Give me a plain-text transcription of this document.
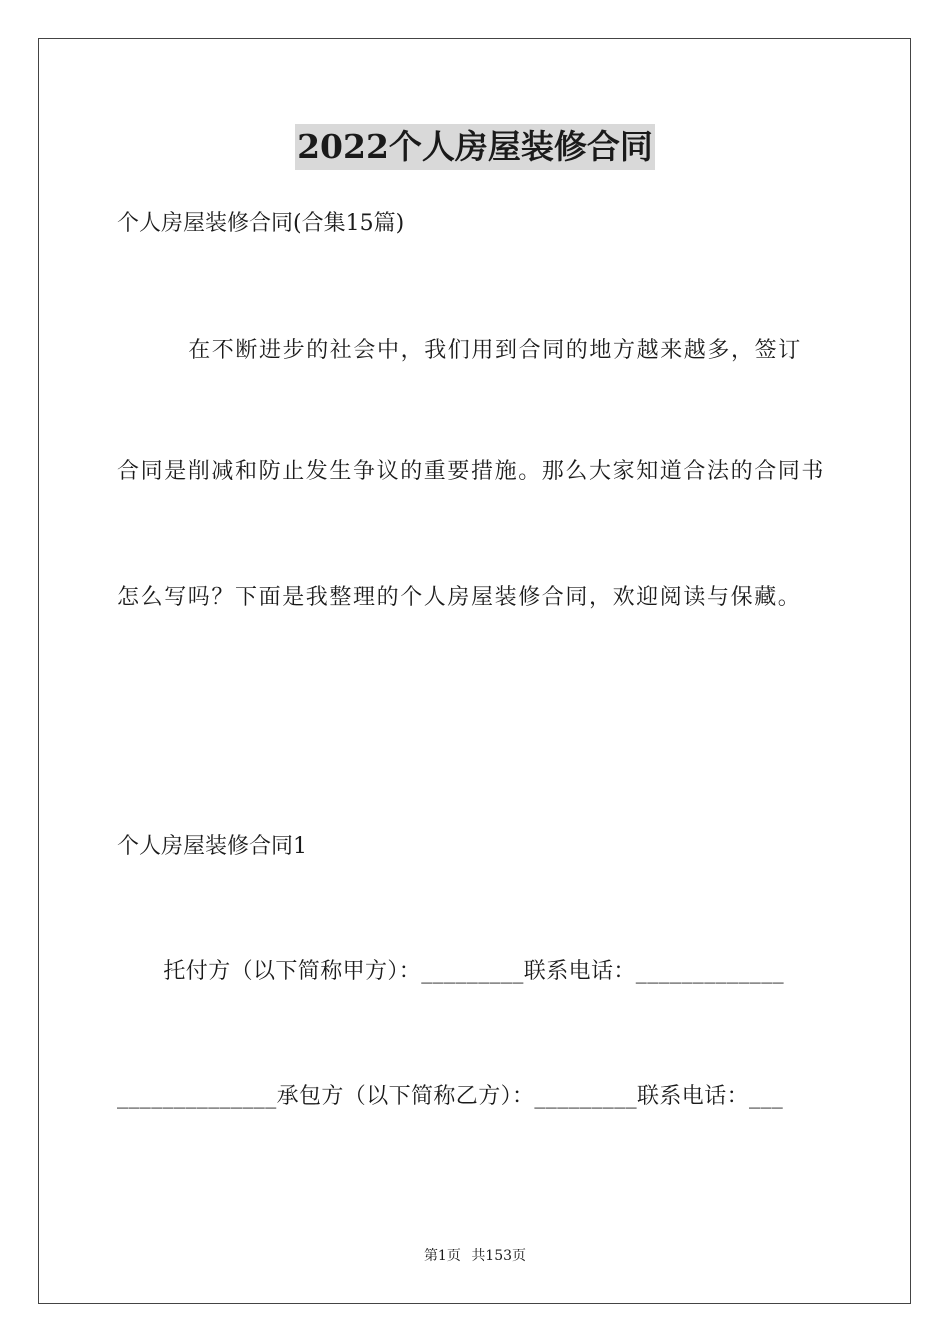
2022个人房屋装修合同
个人房屋装修合同(合集15篇)
　　在不断进步的社会中，我们用到合同的地方越来越多，签订
合同是削减和防止发生争议的重要措施。那么大家知道合法的合同书
怎么写吗？下面是我整理的个人房屋装修合同，欢迎阅读与保藏。
个人房屋装修合同1
　托付方（以下简称甲方）：_________联系电话：_____________
______________承包方（以下简称乙方）：_________联系电话：___
第1页 共153页
